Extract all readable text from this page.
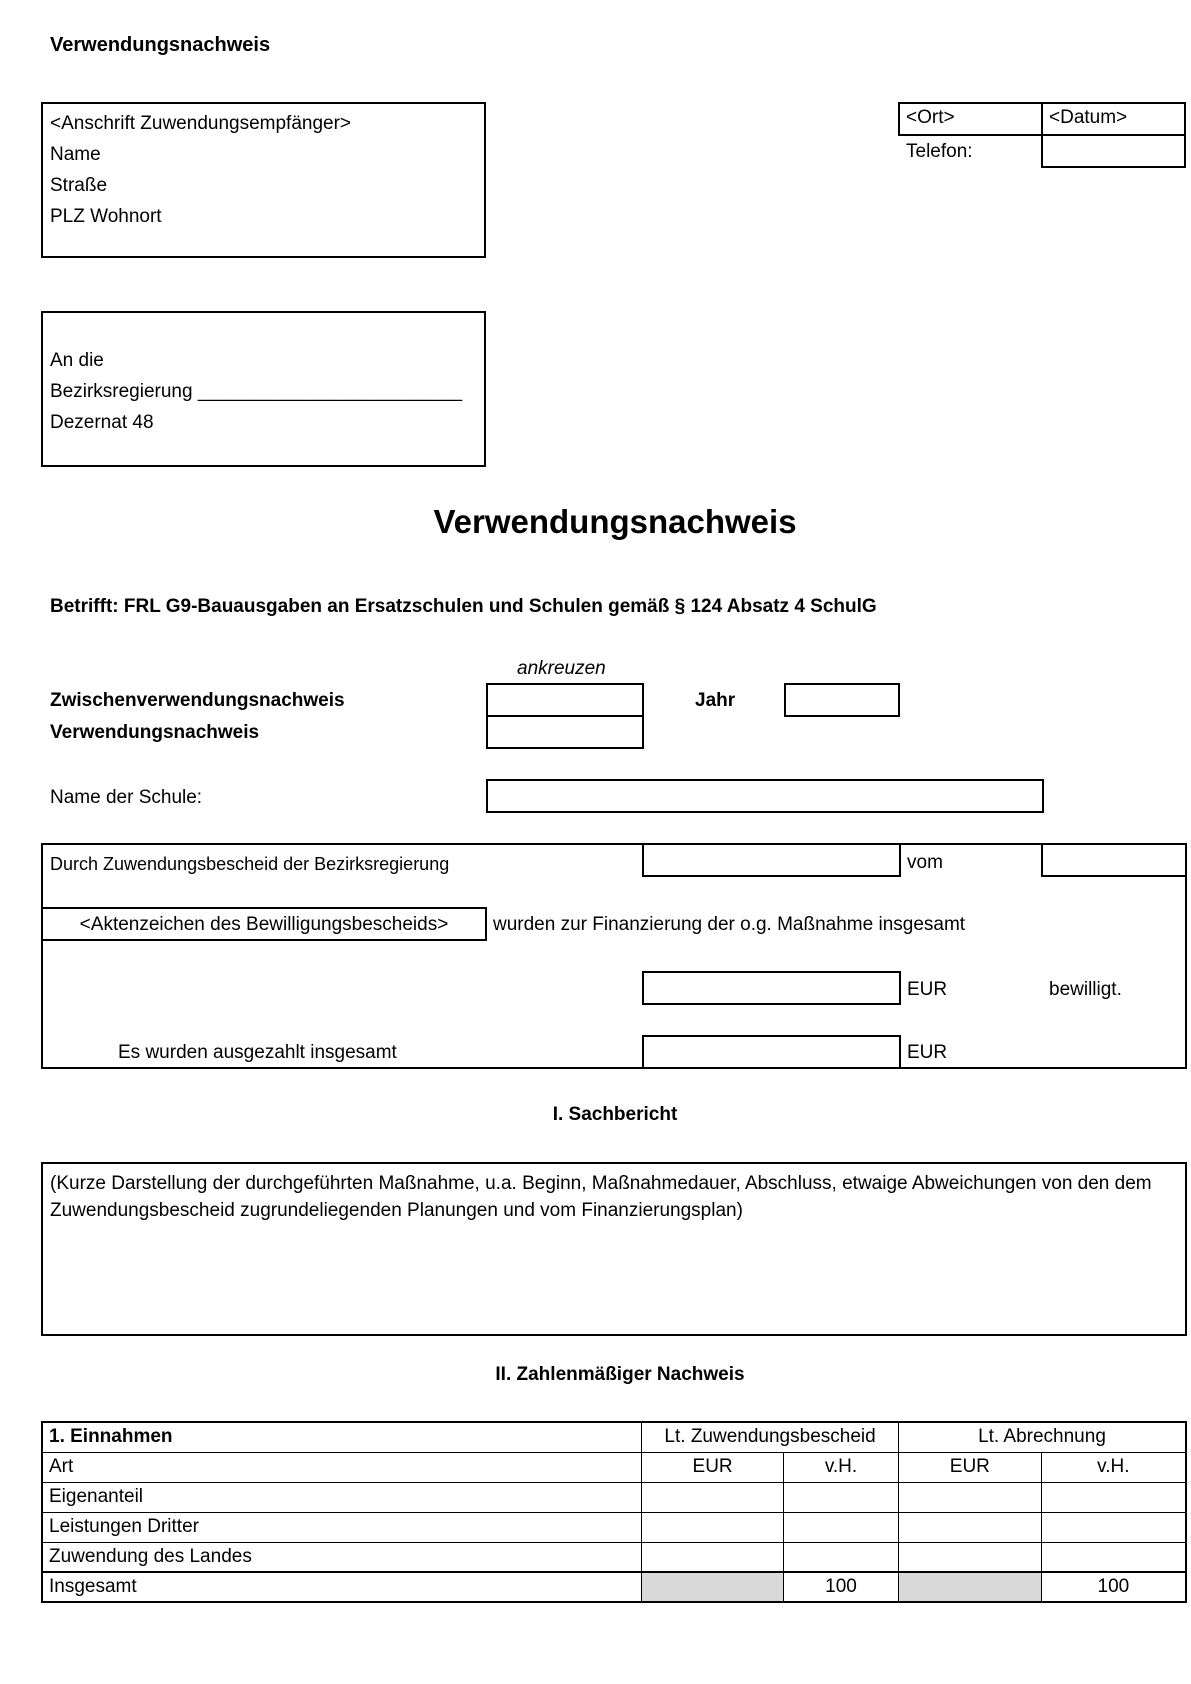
Verwendungsnachweis
<Anschrift Zuwendungsempfänger>
Name
Straße
PLZ Wohnort
<Ort>	<Datum>
Telefon:
An die
Bezirksregierung _________________________
Dezernat 48
Verwendungsnachweis
Betrifft: FRL G9-Bauausgaben an Ersatzschulen und Schulen gemäß § 124 Absatz 4 SchulG
ankreuzen
Zwischenverwendungsnachweis
Verwendungsnachweis
Jahr
Name der Schule:
Durch Zuwendungsbescheid der Bezirksregierung	vom
<Aktenzeichen des Bewilligungsbescheids>	wurden zur Finanzierung der o.g. Maßnahme insgesamt
EUR	bewilligt.
Es wurden ausgezahlt insgesamt	EUR
I. Sachbericht
(Kurze Darstellung der durchgeführten Maßnahme, u.a. Beginn, Maßnahmedauer, Abschluss, etwaige Abweichungen von den dem Zuwendungsbescheid zugrundeliegenden Planungen und vom Finanzierungsplan)
II. Zahlenmäßiger Nachweis
1. Einnahmen	Lt. Zuwendungsbescheid		Lt. Abrechnung	
Art	EUR	v.H.	EUR	v.H.
Eigenanteil				
Leistungen Dritter				
Zuwendung des Landes				
Insgesamt		100		100
